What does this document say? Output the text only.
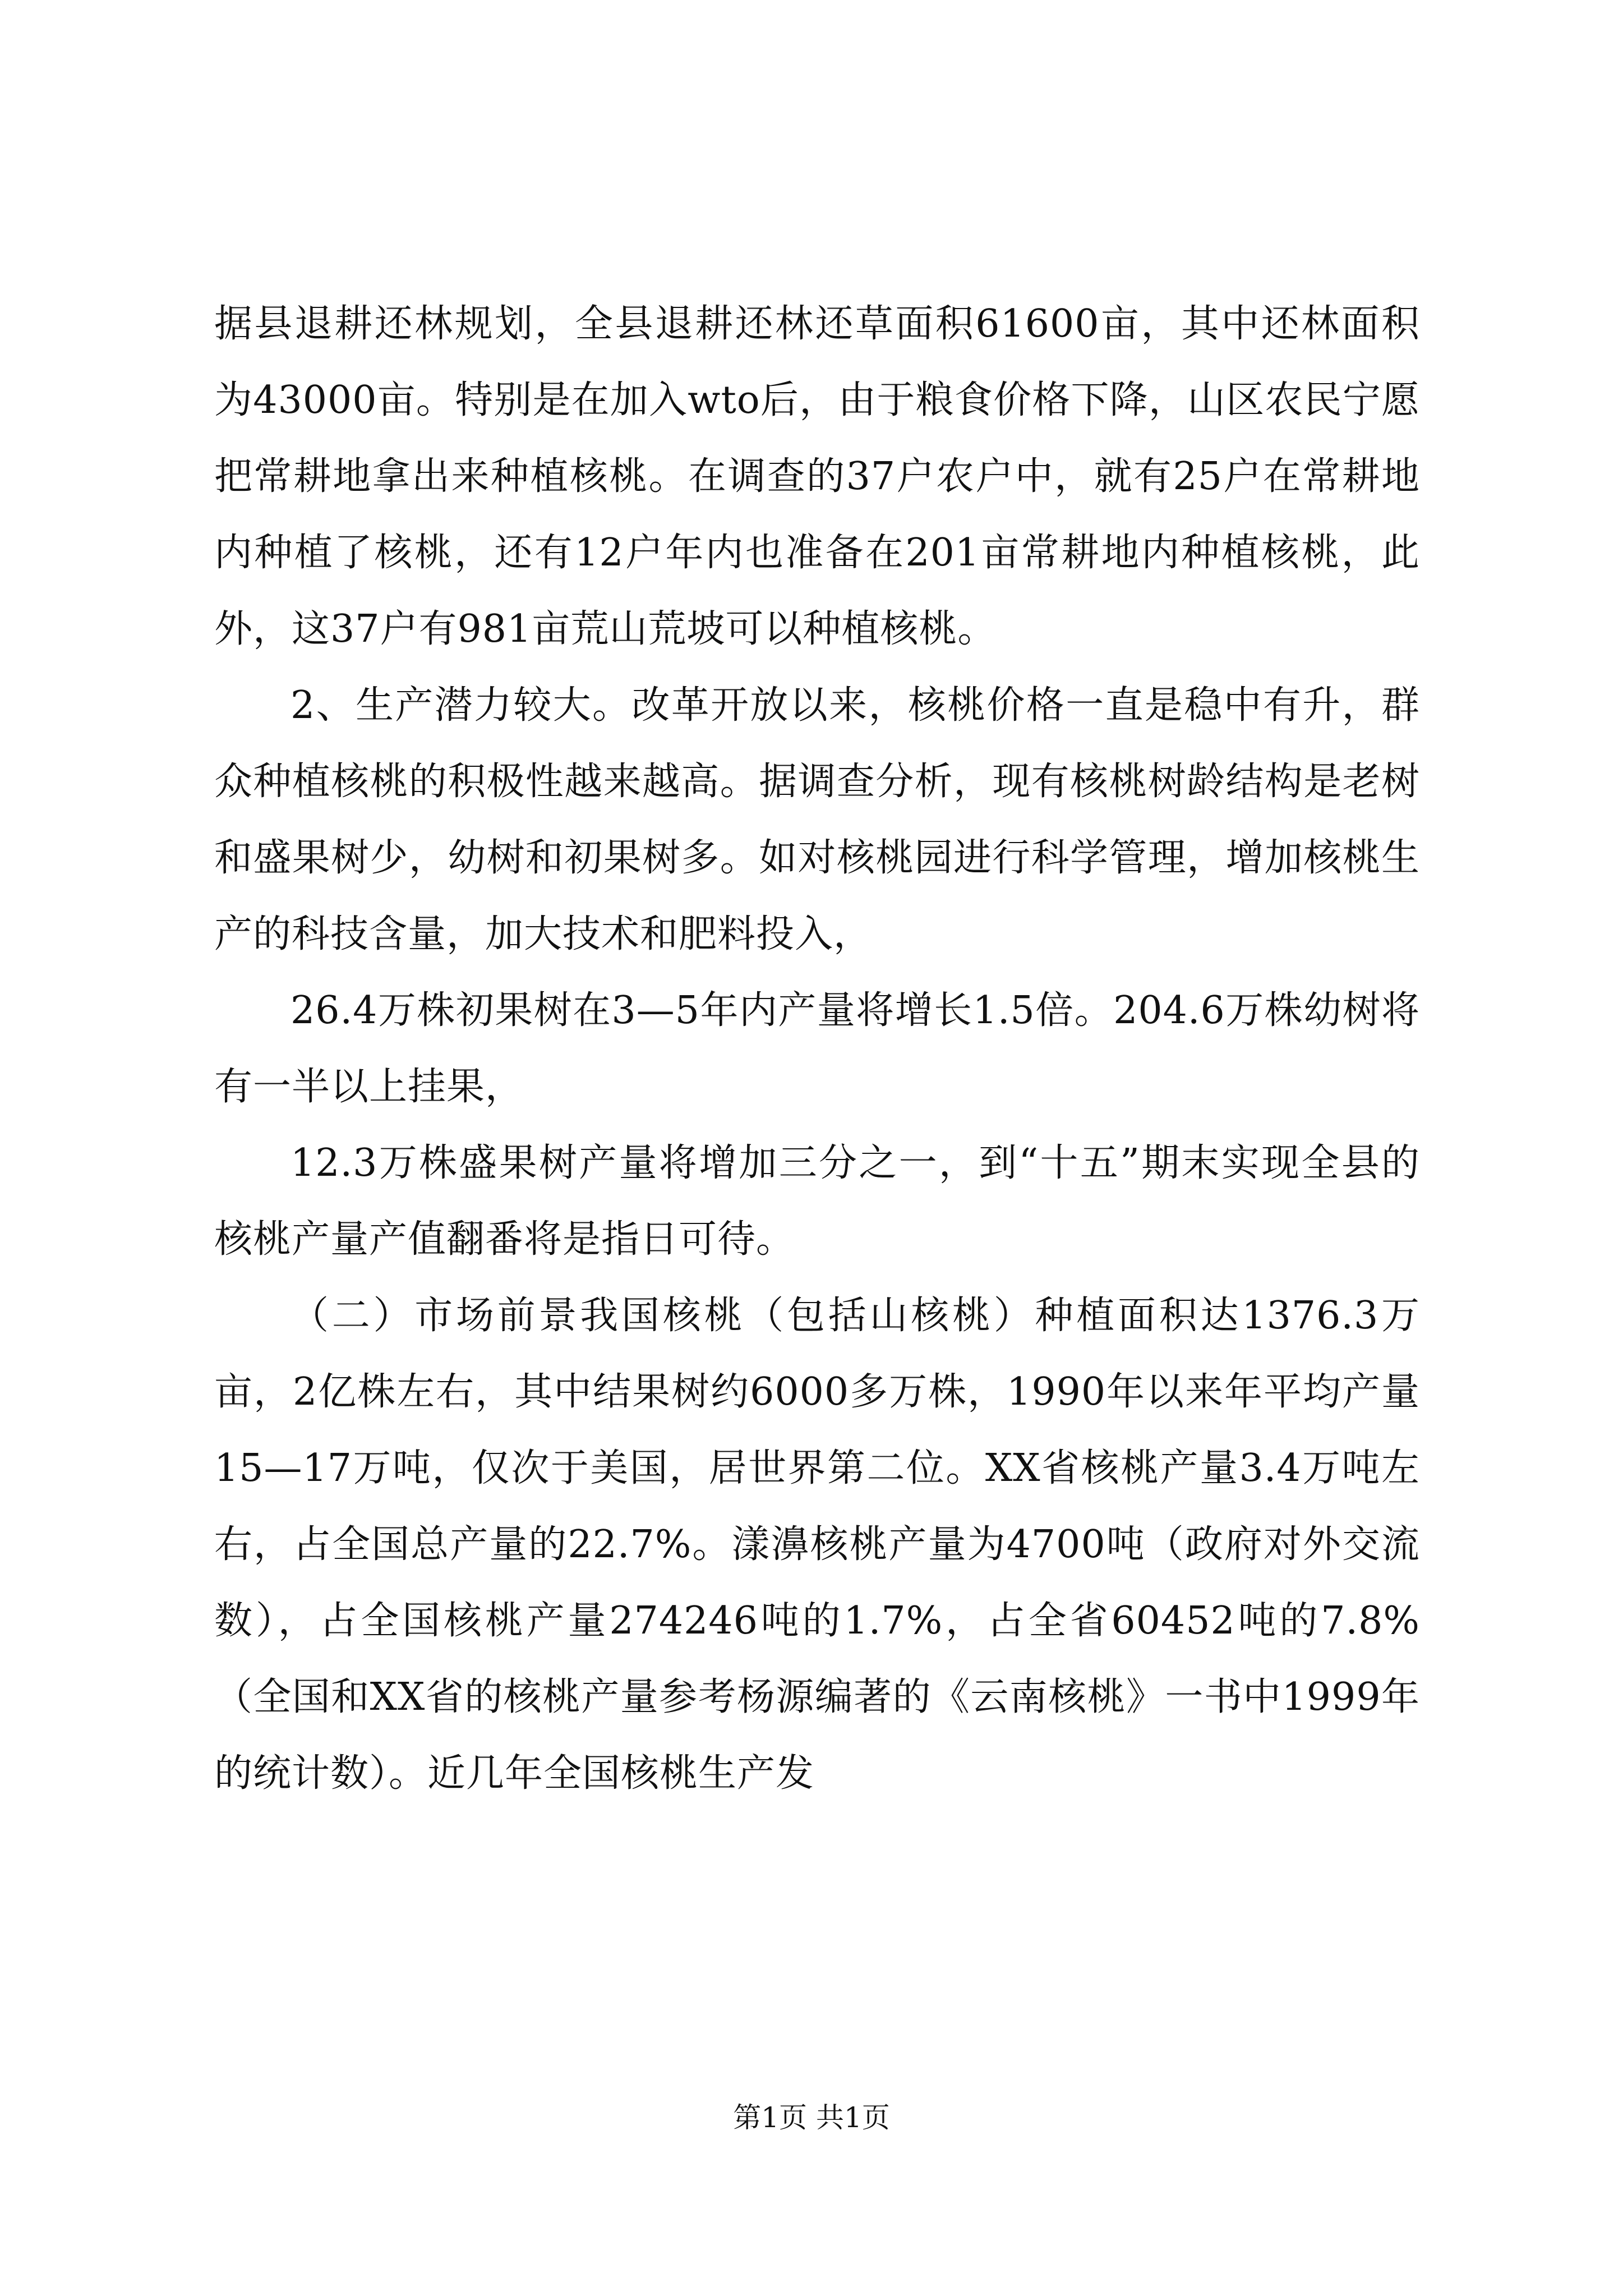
据县退耕还林规划，全县退耕还林还草面积61600亩，其中还林面积为43000亩。特别是在加入wto后，由于粮食价格下降，山区农民宁愿把常耕地拿出来种植核桃。在调查的37户农户中，就有25户在常耕地内种植了核桃，还有12户年内也准备在201亩常耕地内种植核桃，此外，这37户有981亩荒山荒坡可以种植核桃。

2、生产潜力较大。改革开放以来，核桃价格一直是稳中有升，群众种植核桃的积极性越来越高。据调查分析，现有核桃树龄结构是老树和盛果树少，幼树和初果树多。如对核桃园进行科学管理，增加核桃生产的科技含量，加大技术和肥料投入，

26.4万株初果树在3—5年内产量将增长1.5倍。204.6万株幼树将有一半以上挂果，

12.3万株盛果树产量将增加三分之一，到“十五”期末实现全县的核桃产量产值翻番将是指日可待。

（二）市场前景我国核桃（包括山核桃）种植面积达1376.3万亩，2亿株左右，其中结果树约6000多万株，1990年以来年平均产量15—17万吨，仅次于美国，居世界第二位。XX省核桃产量3.4万吨左右，占全国总产量的22.7%。漾濞核桃产量为4700吨（政府对外交流数），占全国核桃产量274246吨的1.7%，占全省60452吨的7.8%（全国和XX省的核桃产量参考杨源编著的《云南核桃》一书中1999年的统计数）。近几年全国核桃生产发

第1页 共1页
